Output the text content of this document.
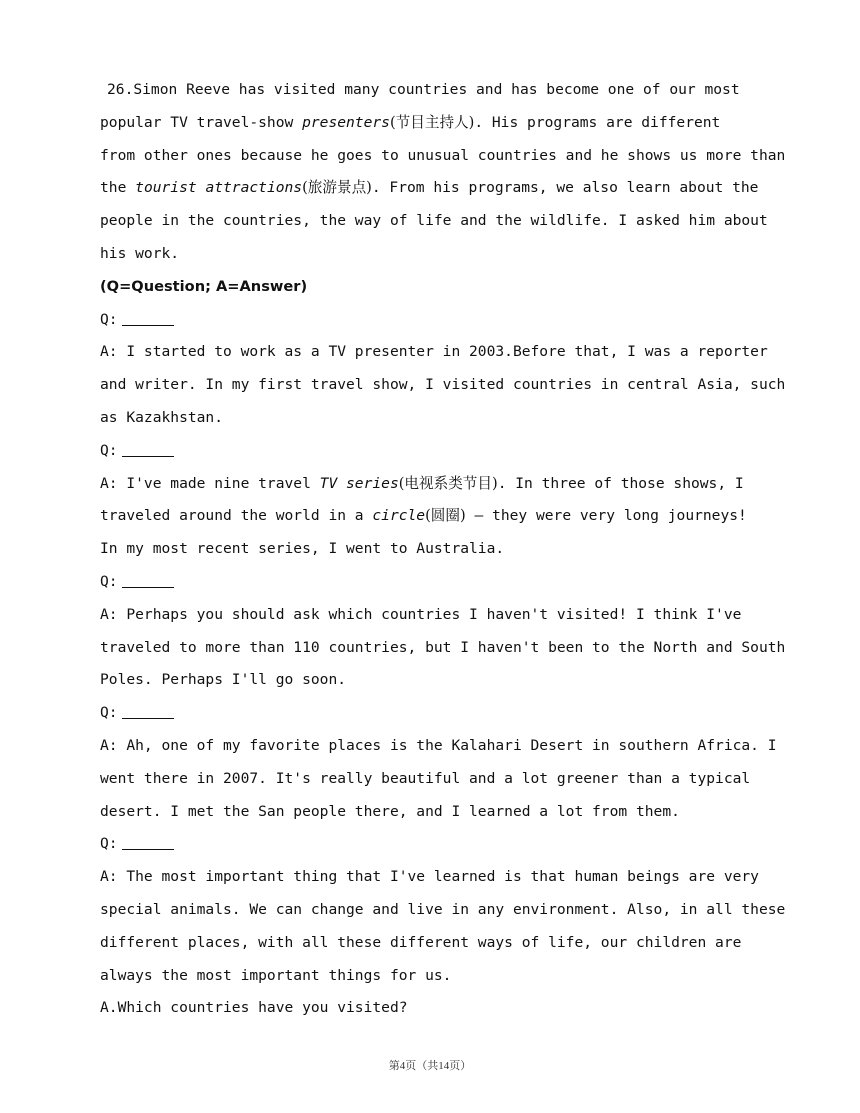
26.Simon Reeve has visited many countries and has become one of our most
popular TV travel-show presenters(节目主持人). His programs are different
from other ones because he goes to unusual countries and he shows us more than
the tourist attractions(旅游景点). From his programs, we also learn about the
people in the countries, the way of life and the wildlife. I asked him about
his work.
(Q=Question; A=Answer)
Q:
A: I started to work as a TV presenter in 2003.Before that, I was a reporter
and writer. In my first travel show, I visited countries in central Asia, such
as Kazakhstan.
Q:
A: I've made nine travel TV series(电视系类节目). In three of those shows, I
traveled around the world in a circle(圆圈) — they were very long journeys!
In my most recent series, I went to Australia.
Q:
A: Perhaps you should ask which countries I haven't visited! I think I've
traveled to more than 110 countries, but I haven't been to the North and South
Poles. Perhaps I'll go soon.
Q:
A: Ah, one of my favorite places is the Kalahari Desert in southern Africa. I
went there in 2007. It's really beautiful and a lot greener than a typical
desert. I met the San people there, and I learned a lot from them.
Q:
A: The most important thing that I've learned is that human beings are very
special animals. We can change and live in any environment. Also, in all these
different places, with all these different ways of life, our children are
always the most important things for us.
A.Which countries have you visited?
第4页（共14页）
